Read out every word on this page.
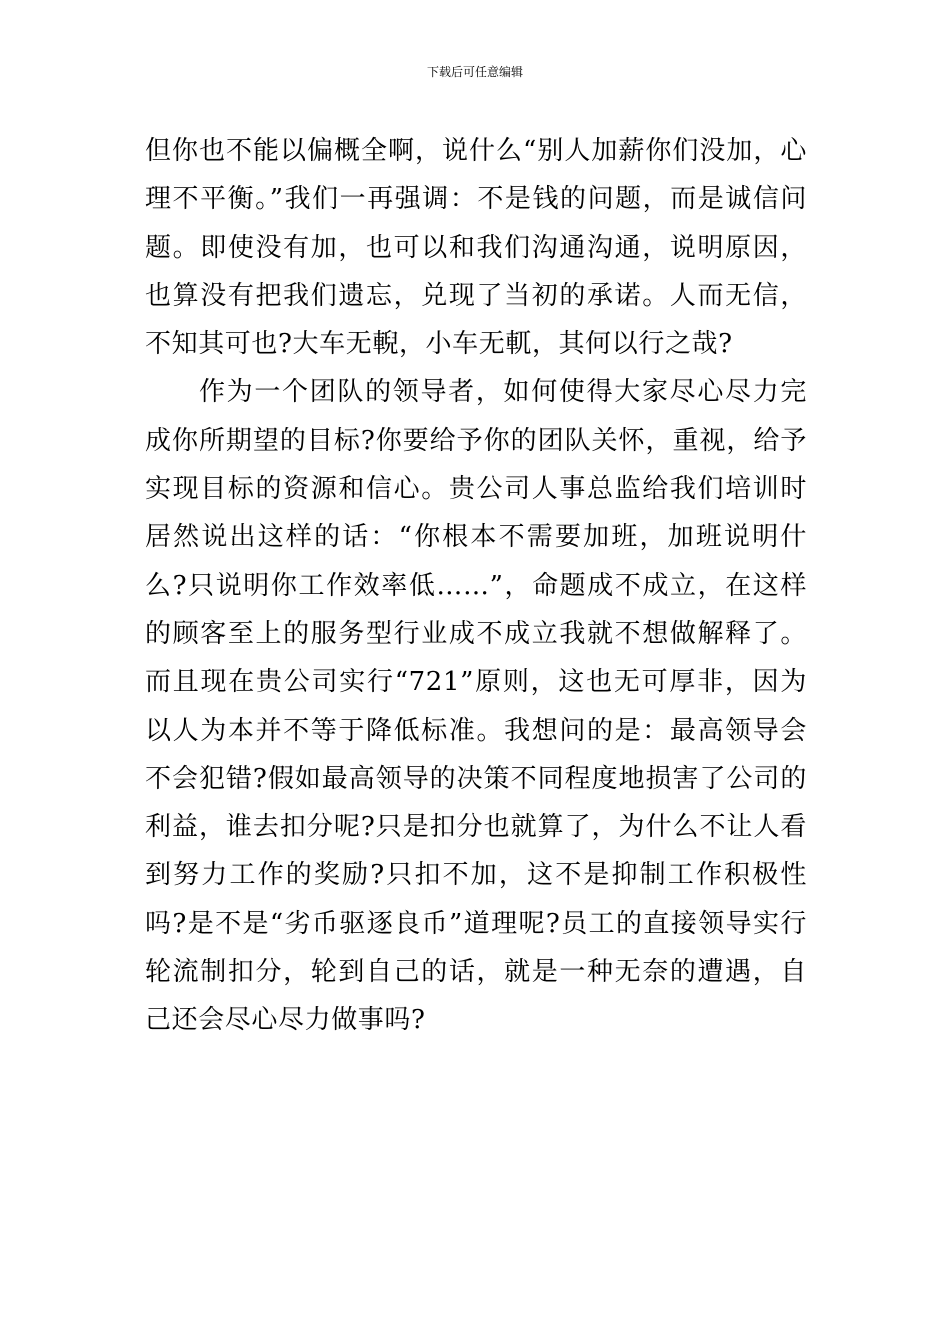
下载后可任意编辑

但你也不能以偏概全啊，说什么“别人加薪你们没加，心理不平衡。”我们一再强调：不是钱的问题，而是诚信问题。即使没有加，也可以和我们沟通沟通，说明原因，也算没有把我们遗忘，兑现了当初的承诺。人而无信，不知其可也?大车无輗，小车无軏，其何以行之哉?

作为一个团队的领导者，如何使得大家尽心尽力完成你所期望的目标?你要给予你的团队关怀，重视，给予实现目标的资源和信心。贵公司人事总监给我们培训时居然说出这样的话：“你根本不需要加班，加班说明什么?只说明你工作效率低……”，命题成不成立，在这样的顾客至上的服务型行业成不成立我就不想做解释了。而且现在贵公司实行“721”原则，这也无可厚非，因为以人为本并不等于降低标准。我想问的是：最高领导会不会犯错?假如最高领导的决策不同程度地损害了公司的利益，谁去扣分呢?只是扣分也就算了，为什么不让人看到努力工作的奖励?只扣不加，这不是抑制工作积极性吗?是不是“劣币驱逐良币”道理呢?员工的直接领导实行轮流制扣分，轮到自己的话，就是一种无奈的遭遇，自己还会尽心尽力做事吗?
